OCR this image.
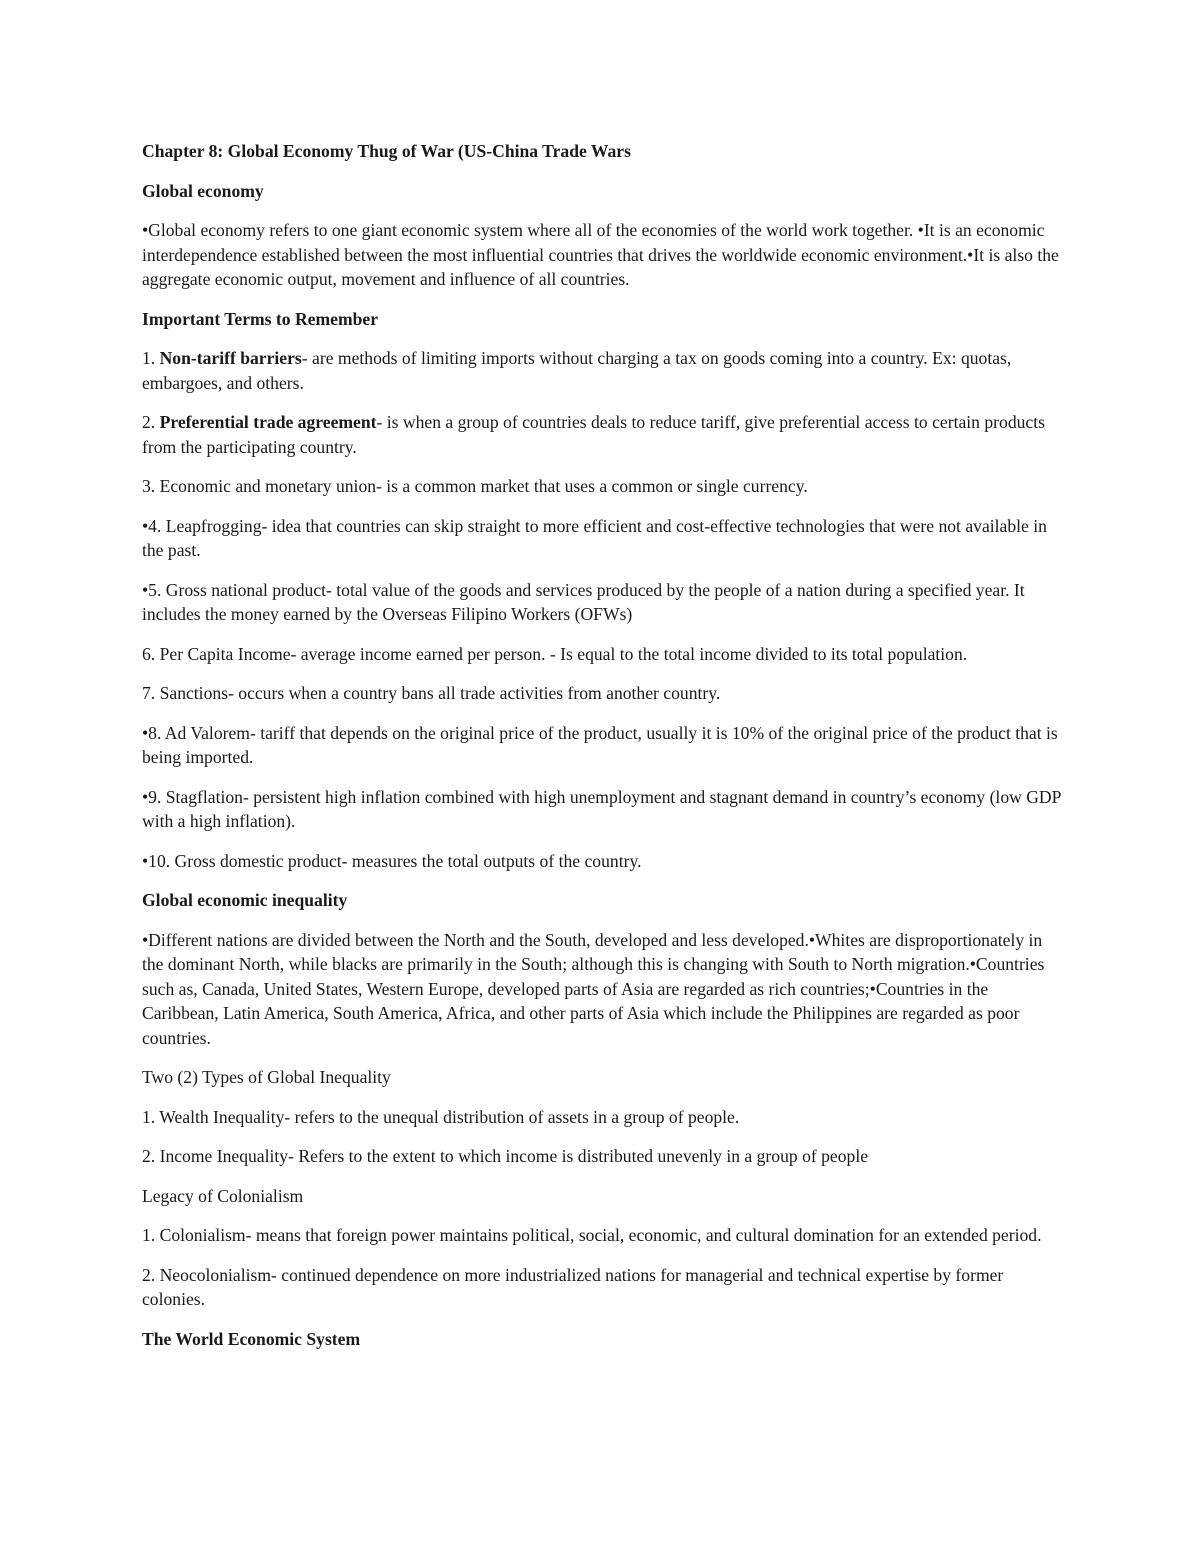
Chapter 8: Global Economy Thug of War (US-China Trade Wars
Global economy

•Global economy refers to one giant economic system where all of the economies of the world work together. •It is an economic interdependence established between the most influential countries that drives the worldwide economic environment.•It is also the aggregate economic output, movement and influence of all countries.

Important Terms to Remember

1. Non-tariff barriers- are methods of limiting imports without charging a tax on goods coming into a country. Ex: quotas, embargoes, and others.

2. Preferential trade agreement- is when a group of countries deals to reduce tariff, give preferential access to certain products from the participating country.

3. Economic and monetary union- is a common market that uses a common or single currency.

•4. Leapfrogging- idea that countries can skip straight to more efficient and cost-effective technologies that were not available in the past.

•5. Gross national product- total value of the goods and services produced by the people of a nation during a specified year. It includes the money earned by the Overseas Filipino Workers (OFWs)

6. Per Capita Income- average income earned per person. - Is equal to the total income divided to its total population.

7. Sanctions- occurs when a country bans all trade activities from another country.

•8. Ad Valorem- tariff that depends on the original price of the product, usually it is 10% of the original price of the product that is being imported.

•9. Stagflation- persistent high inflation combined with high unemployment and stagnant demand in country’s economy (low GDP with a high inflation).

•10. Gross domestic product- measures the total outputs of the country.

Global economic inequality

•Different nations are divided between the North and the South, developed and less developed.•Whites are disproportionately in the dominant North, while blacks are primarily in the South; although this is changing with South to North migration.•Countries such as, Canada, United States, Western Europe, developed parts of Asia are regarded as rich countries;•Countries in the Caribbean, Latin America, South America, Africa, and other parts of Asia which include the Philippines are regarded as poor countries.

Two (2) Types of Global Inequality

1. Wealth Inequality- refers to the unequal distribution of assets in a group of people.

2. Income Inequality- Refers to the extent to which income is distributed unevenly in a group of people

Legacy of Colonialism

1. Colonialism- means that foreign power maintains political, social, economic, and cultural domination for an extended period.

2. Neocolonialism- continued dependence on more industrialized nations for managerial and technical expertise by former colonies.

The World Economic System
